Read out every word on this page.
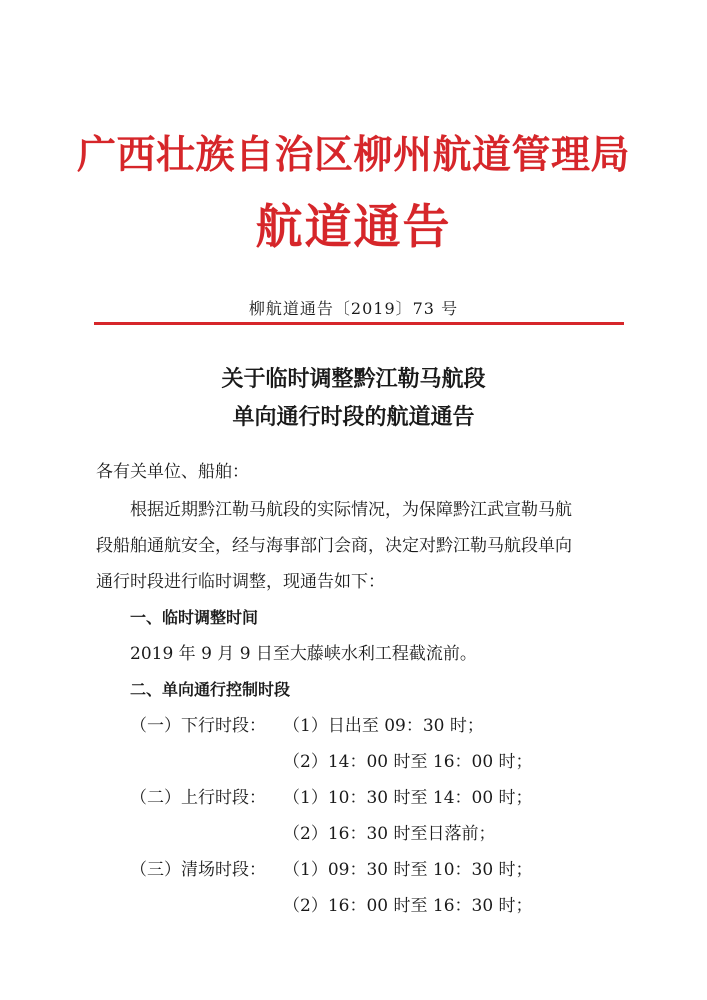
广西壮族自治区柳州航道管理局
航道通告
柳航道通告〔2019〕73 号
关于临时调整黔江勒马航段
单向通行时段的航道通告
各有关单位、船舶：
根据近期黔江勒马航段的实际情况，为保障黔江武宣勒马航
段船舶通航安全，经与海事部门会商，决定对黔江勒马航段单向
通行时段进行临时调整，现通告如下：
一、临时调整时间
2019 年 9 月 9 日至大藤峡水利工程截流前。
二、单向通行控制时段
（一）下行时段： （1）日出至 09：30 时；
（2）14：00 时至 16：00 时；
（二）上行时段： （1）10：30 时至 14：00 时；
（2）16：30 时至日落前；
（三）清场时段： （1）09：30 时至 10：30 时；
（2）16：00 时至 16：30 时；
